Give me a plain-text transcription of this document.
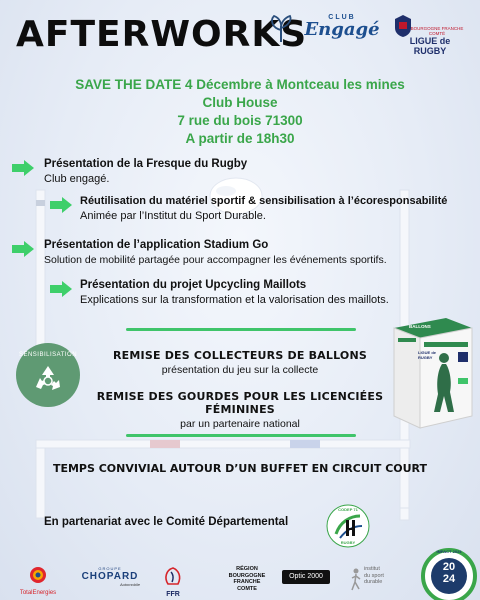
AFTERWORKS	CLUB
Engagé	BOURGOGNE FRANCHE COMTÉ
LIGUE de RUGBY
SAVE THE DATE 4 Décembre à Montceau les mines
Club House
7 rue du bois 71300
A partir de 18h30
Présentation de la Fresque du Rugby
Club engagé.
Réutilisation du matériel sportif & sensibilisation à l’écoresponsabilité
Animée par l’Institut du Sport Durable.
Présentation de l’application Stadium Go
Solution de mobilité partagée pour accompagner les événements sportifs.
Présentation du projet Upcycling Maillots
Explications sur la transformation et la valorisation des maillots.
SENSIBILISATION	REMISE DES COLLECTEURS DE BALLONS
présentation du jeu sur la collecte
REMISE DES GOURDES POUR LES LICENCIÉES FÉMININES
par un partenaire national
BALLONS
LIGUE de RUGBY
TEMPS CONVIVIAL AUTOUR D’UN BUFFET EN CIRCUIT COURT
En partenariat avec le Comité Départemental
CODEP 71
RUGBY
20
24
IMPACT 2024
TotalEnergies
GROUPE
CHOPARD
Automobile
FFR
RÉGION
BOURGOGNE
FRANCHE
COMTE
Optic 2000
institut
du sport
durable
